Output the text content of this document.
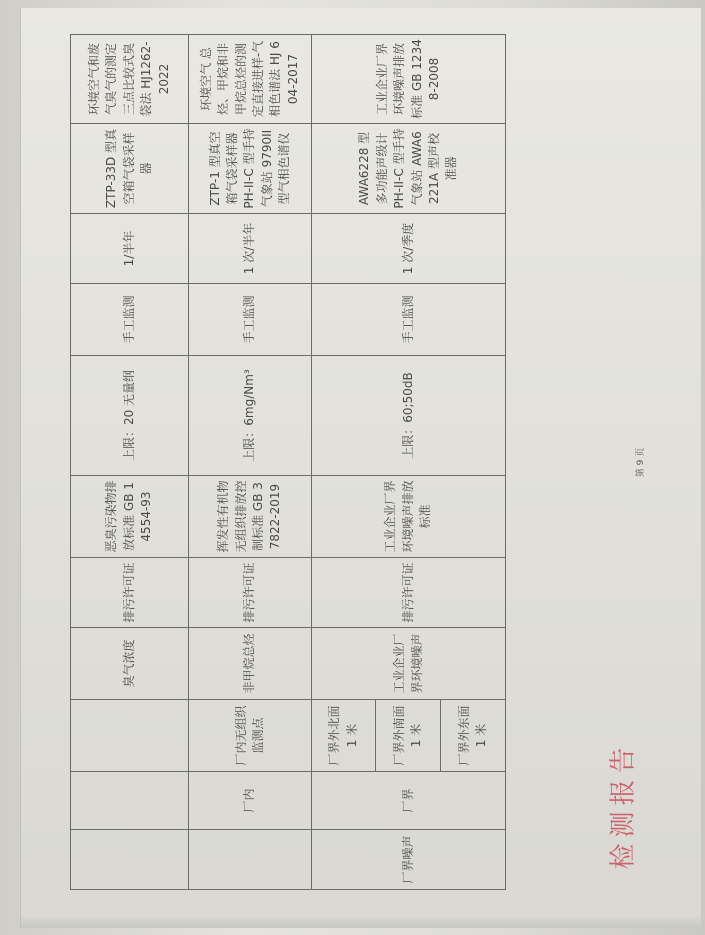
			臭气浓度	排污许可证	恶臭污染物排放标准 GB 14554-93	上限：20 无量纲	手工监测	1/半年	ZTP-33D 型真空箱气袋采样器	环境空气和废气臭气的测定 三点比较式臭袋法 HJ1262-2022
	厂内	厂内无组织监测点	非甲烷总烃	排污许可证	挥发性有机物无组织排放控制标准 GB 37822-2019	上限：6mg/Nm³	手工监测	1 次/半年	ZTP-1 型真空箱气袋采样器 PH-II-C 型手持气象站 9790II 型气相色谱仪	环境空气 总烃、甲烷和非甲烷总烃的测定直接进样-气相色谱法 HJ 604-2017
厂界噪声	厂界	厂界外北面 1 米	工业企业厂界环境噪声	排污许可证	工业企业厂界环境噪声排放标准	上限：60;50dB	手工监测	1 次/季度	AWA6228 型多功能声级计 PH-II-C 型手持气象站 AWA6221A 型声校准器	工业企业厂界环境噪声排放标准 GB 12348-2008
		厂界外南面 1 米								
		厂界外东面 1 米								
第 9 页
